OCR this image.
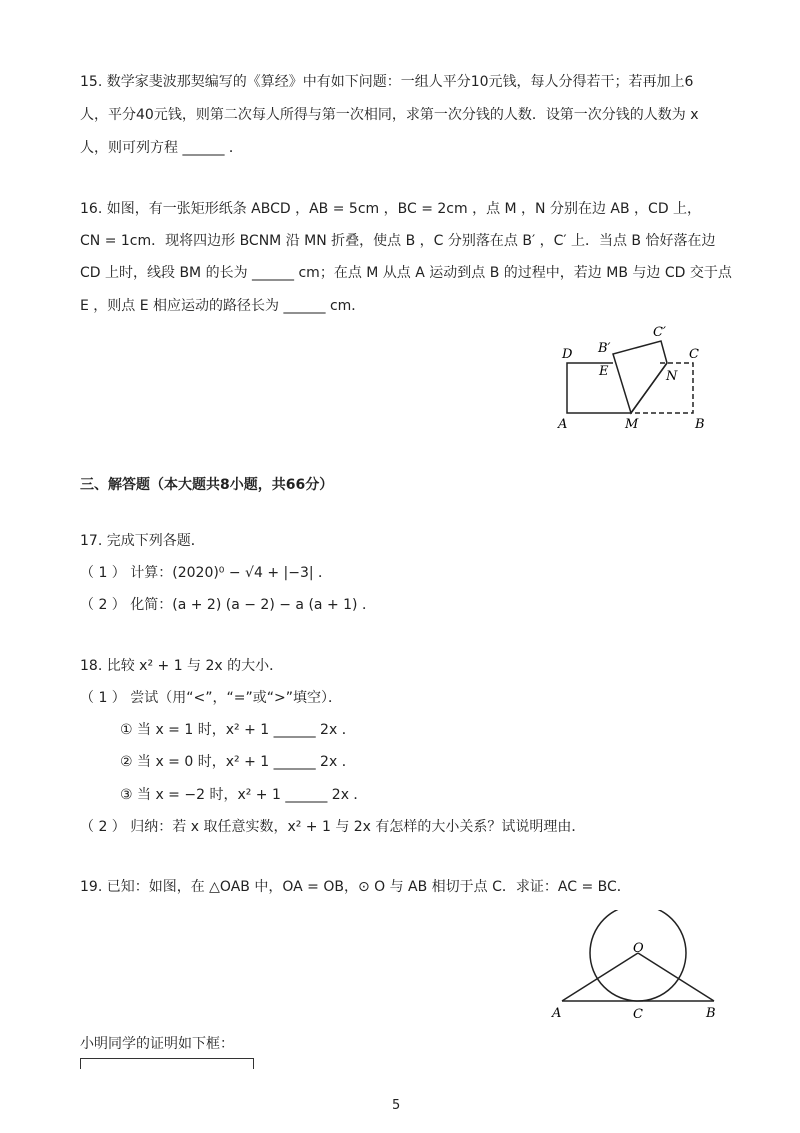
15. 数学家斐波那契编写的《算经》中有如下问题：一组人平分10元钱，每人分得若干；若再加上6
人，平分40元钱，则第二次每人所得与第一次相同，求第一次分钱的人数．设第一次分钱的人数为 x
人，则可列方程 ______ ．
16. 如图，有一张矩形纸条 ABCD ，AB = 5cm ，BC = 2cm ，点 M ，N 分别在边 AB ，CD 上，
CN = 1cm．现将四边形 BCNM 沿 MN 折叠，使点 B ，C 分别落在点 B′ ，C′ 上．当点 B 恰好落在边
CD 上时，线段 BM 的长为 ______ cm；在点 M 从点 A 运动到点 B 的过程中，若边 MB 与边 CD 交于点
E ，则点 E 相应运动的路径长为 ______ cm．
D B′
C′
C
E	N
A	M	B
三、解答题（本大题共8小题，共66分）
17. 完成下列各题．
（ 1 ） 计算：(2020)⁰ − √4 + |−3| ．
（ 2 ） 化简：(a + 2) (a − 2) − a (a + 1) ．
18. 比较 x² + 1 与 2x 的大小．
（ 1 ） 尝试（用“<”，“=”或“>”填空）．
① 当 x = 1 时，x² + 1 ______ 2x ．
② 当 x = 0 时，x² + 1 ______ 2x ．
③ 当 x = −2 时，x² + 1 ______ 2x ．
（ 2 ） 归纳：若 x 取任意实数，x² + 1 与 2x 有怎样的大小关系？试说明理由．
19. 已知：如图，在 △OAB 中，OA = OB，⊙ O 与 AB 相切于点 C．求证：AC = BC．
O
A	C	B
小明同学的证明如下框：
5
